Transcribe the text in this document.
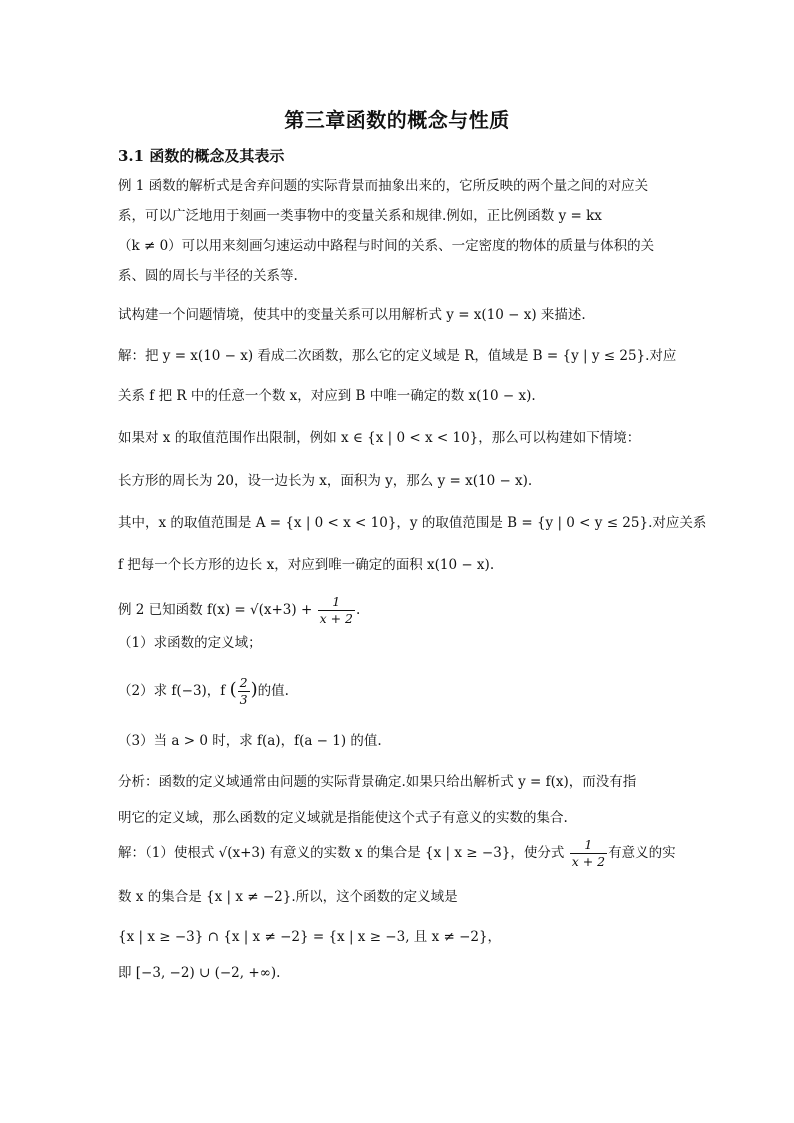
第三章函数的概念与性质
3.1 函数的概念及其表示
例 1 函数的解析式是舍弃问题的实际背景而抽象出来的，它所反映的两个量之间的对应关
系，可以广泛地用于刻画一类事物中的变量关系和规律.例如，正比例函数 y = kx
（k ≠ 0）可以用来刻画匀速运动中路程与时间的关系、一定密度的物体的质量与体积的关
系、圆的周长与半径的关系等.
试构建一个问题情境，使其中的变量关系可以用解析式 y = x(10 − x) 来描述.
解：把 y = x(10 − x) 看成二次函数，那么它的定义域是 R，值域是 B = {y | y ≤ 25}.对应
关系 f 把 R 中的任意一个数 x，对应到 B 中唯一确定的数 x(10 − x).
如果对 x 的取值范围作出限制，例如 x ∈ {x | 0 < x < 10}，那么可以构建如下情境：
长方形的周长为 20，设一边长为 x，面积为 y，那么 y = x(10 − x).
其中，x 的取值范围是 A = {x | 0 < x < 10}，y 的取值范围是 B = {y | 0 < y ≤ 25}.对应关系
f 把每一个长方形的边长 x，对应到唯一确定的面积 x(10 − x).
例 2 已知函数 $f(x) = √(x+3) + \frac{1}{x + 2}$ .
（1）求函数的定义域；
（2）求 f(−3)，f ( $\frac{2}{3}$ )的值.
（3）当 a > 0 时，求 f(a)，f(a − 1) 的值.
分析：函数的定义域通常由问题的实际背景确定.如果只给出解析式 y = f(x)，而没有指
明它的定义域，那么函数的定义域就是指能使这个式子有意义的实数的集合.
解：（1）使根式 √(x+3) 有意义的实数 x 的集合是 {x | x ≥ −3}，使分式 $\frac{1}{x + 2}$ 有意义的实
数 x 的集合是 {x | x ≠ −2}.所以，这个函数的定义域是
{x | x ≥ −3} ∩ {x | x ≠ −2} = {x | x ≥ −3, 且 x ≠ −2}，
即 [−3, −2) ∪ (−2, +∞).
